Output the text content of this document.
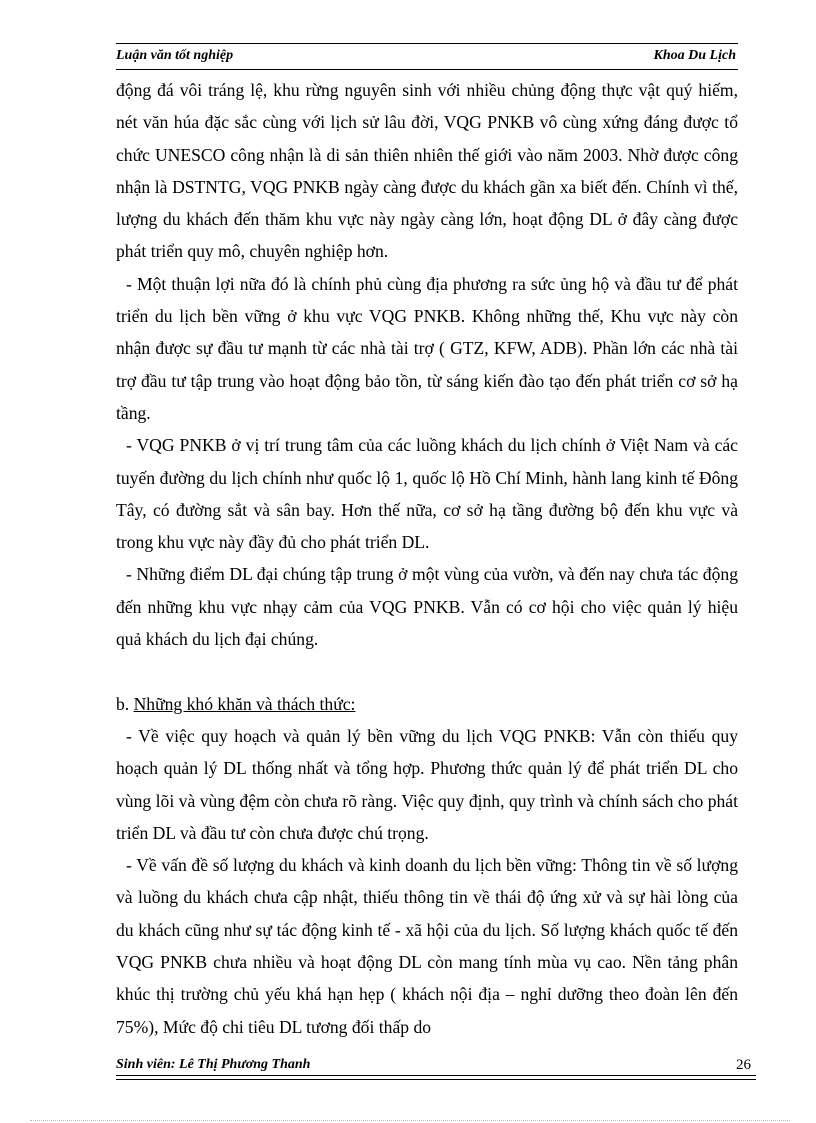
Luận văn tốt nghiệp	Khoa Du Lịch

động đá vôi tráng lệ, khu rừng nguyên sinh với nhiều chủng động thực vật quý hiếm, nét văn húa đặc sắc cùng với lịch sử lâu đời, VQG PNKB vô cùng xứng đáng được tổ chức UNESCO công nhận là di sản thiên nhiên thế giới vào năm 2003. Nhờ được công nhận là DSTNTG, VQG PNKB ngày càng được du khách gần xa biết đến. Chính vì thế, lượng du khách đến thăm khu vực này ngày càng lớn, hoạt động DL ở đây càng được phát triển quy mô, chuyên nghiệp hơn.

- Một thuận lợi nữa đó là chính phủ cùng địa phương ra sức ủng hộ và đầu tư để phát triển du lịch bền vững ở khu vực VQG PNKB. Không những thế, Khu vực này còn nhận được sự đầu tư mạnh từ các nhà tài trợ ( GTZ, KFW, ADB). Phần lớn các nhà tài trợ đầu tư tập trung vào hoạt động bảo tồn, từ sáng kiến đào tạo đến phát triển cơ sở hạ tầng.

- VQG PNKB ở vị trí trung tâm của các luồng khách du lịch chính ở Việt Nam và các tuyến đường du lịch chính như quốc lộ 1, quốc lộ Hồ Chí Minh, hành lang kinh tế Đông Tây, có đường sắt và sân bay. Hơn thế nữa, cơ sở hạ tầng đường bộ đến khu vực và trong khu vực này đầy đủ cho phát triển DL.

- Những điểm DL đại chúng tập trung ở một vùng của vườn, và đến nay chưa tác động đến những khu vực nhạy cảm của VQG PNKB. Vẫn có cơ hội cho việc quản lý hiệu quả khách du lịch đại chúng.

b. Những khó khăn và thách thức:

- Về việc quy hoạch và quản lý bền vững du lịch VQG PNKB: Vẫn còn thiếu quy hoạch quản lý DL thống nhất và tổng hợp. Phương thức quản lý để phát triển DL cho vùng lõi và vùng đệm còn chưa rõ ràng. Việc quy định, quy trình và chính sách cho phát triển DL và đầu tư còn chưa được chú trọng.

- Về vấn đề số lượng du khách và kinh doanh du lịch bền vững: Thông tin về số lượng và luồng du khách chưa cập nhật, thiếu thông tin về thái độ ứng xử và sự hài lòng của du khách cũng như sự tác động kinh tế - xã hội của du lịch. Số lượng khách quốc tế đến VQG PNKB chưa nhiều và hoạt động DL còn mang tính mùa vụ cao. Nền tảng phân khúc thị trường chủ yếu khá hạn hẹp ( khách nội địa – nghỉ dưỡng theo đoàn lên đến 75%), Mức độ chi tiêu DL tương đối thấp do

Sinh viên: Lê Thị Phương Thanh	26
